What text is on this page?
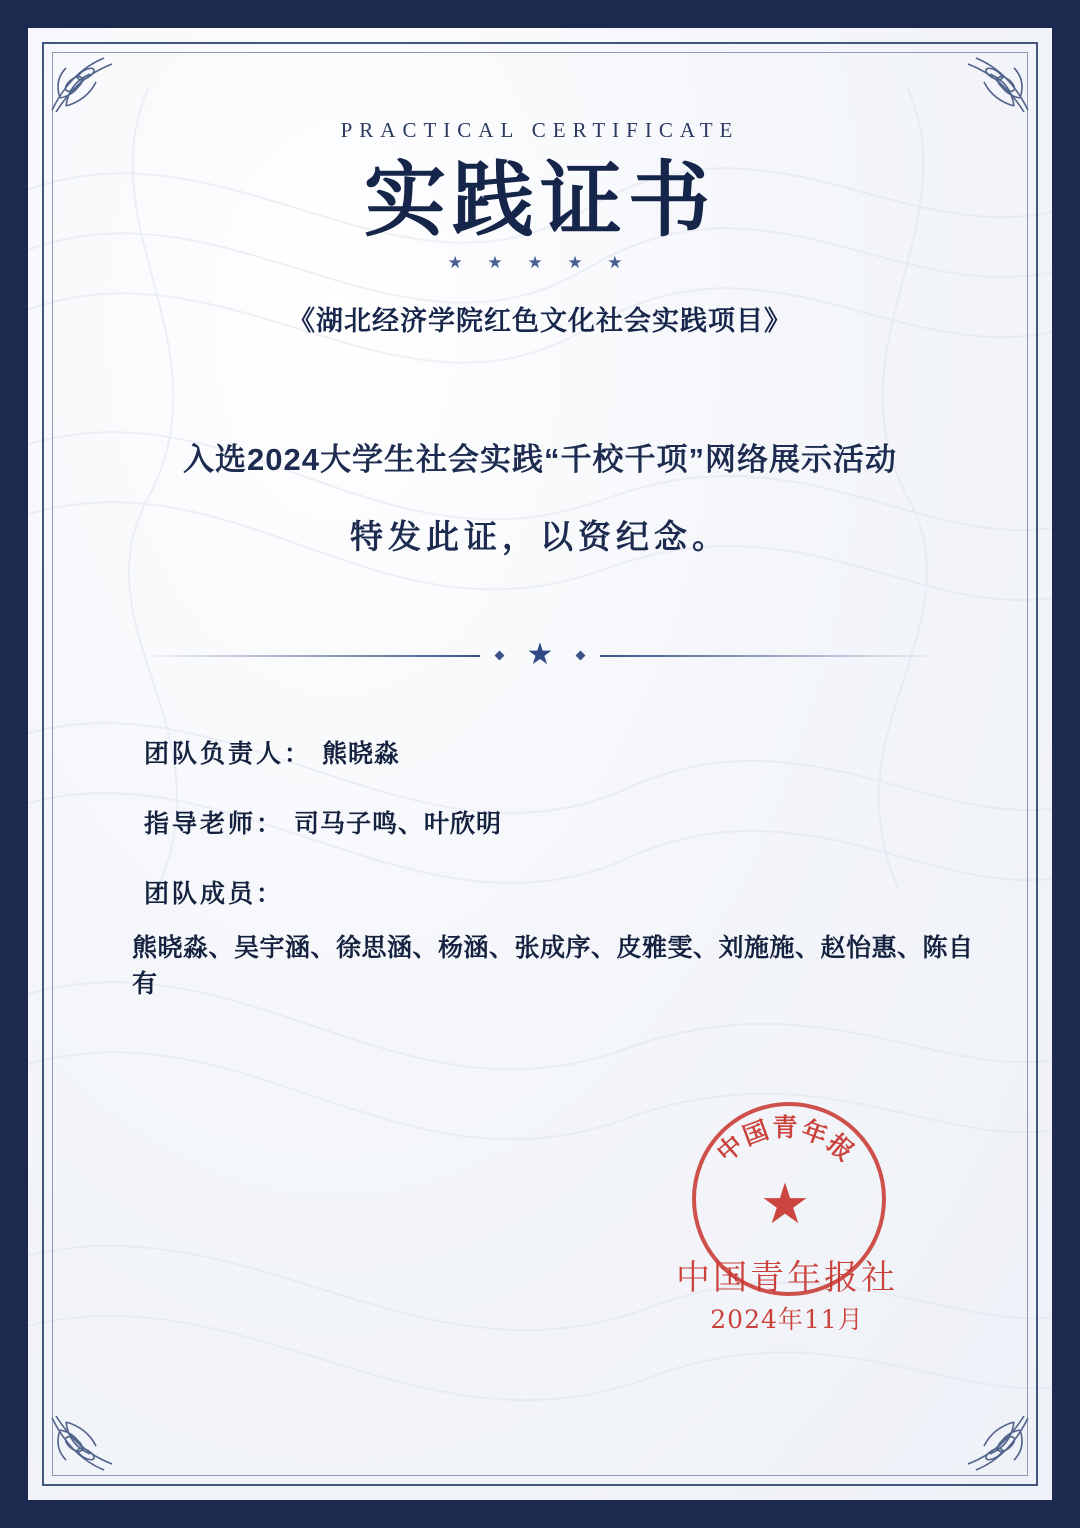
PRACTICAL CERTIFICATE
实践证书
★ ★ ★ ★ ★
《湖北经济学院红色文化社会实践项目》
入选2024大学生社会实践“千校千项”网络展示活动
特发此证，以资纪念。
★
团队负责人： 熊晓淼
指导老师： 司马子鸣、叶欣明
团队成员：
熊晓淼、吴宇涵、徐思涵、杨涵、张成序、皮雅雯、刘施施、赵怡惠、陈自有
中国青年报
★
中国青年报社
2024年11月
